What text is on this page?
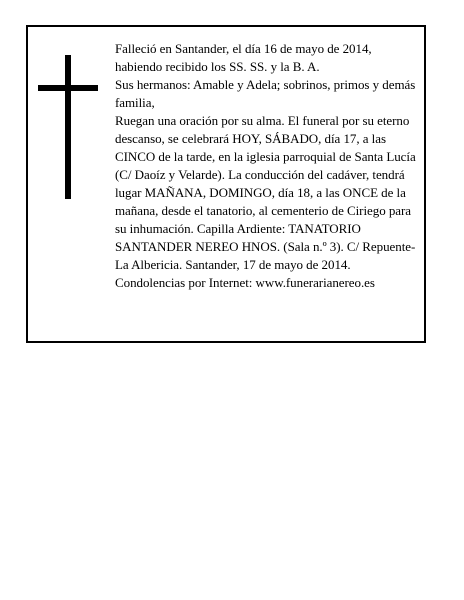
Falleció en Santander, el día 16 de mayo de 2014, habiendo recibido los SS. SS. y la B. A.

Sus hermanos: Amable y Adela; sobrinos, primos y demás familia,

Ruegan una oración por su alma. El funeral por su eterno descanso, se celebrará HOY, SÁBADO, día 17, a las CINCO de la tarde, en la iglesia parroquial de Santa Lucía (C/ Daoíz y Velarde). La conducción del cadáver, tendrá lugar MAÑANA, DOMINGO, día 18, a las ONCE de la mañana, desde el tanatorio, al cementerio de Ciriego para su inhumación. Capilla Ardiente: TANATORIO SANTANDER NEREO HNOS. (Sala n.º 3). C/ Repuente-La Albericia. Santander, 17 de mayo de 2014. Condolencias por Internet: www.funerarianereo.es
